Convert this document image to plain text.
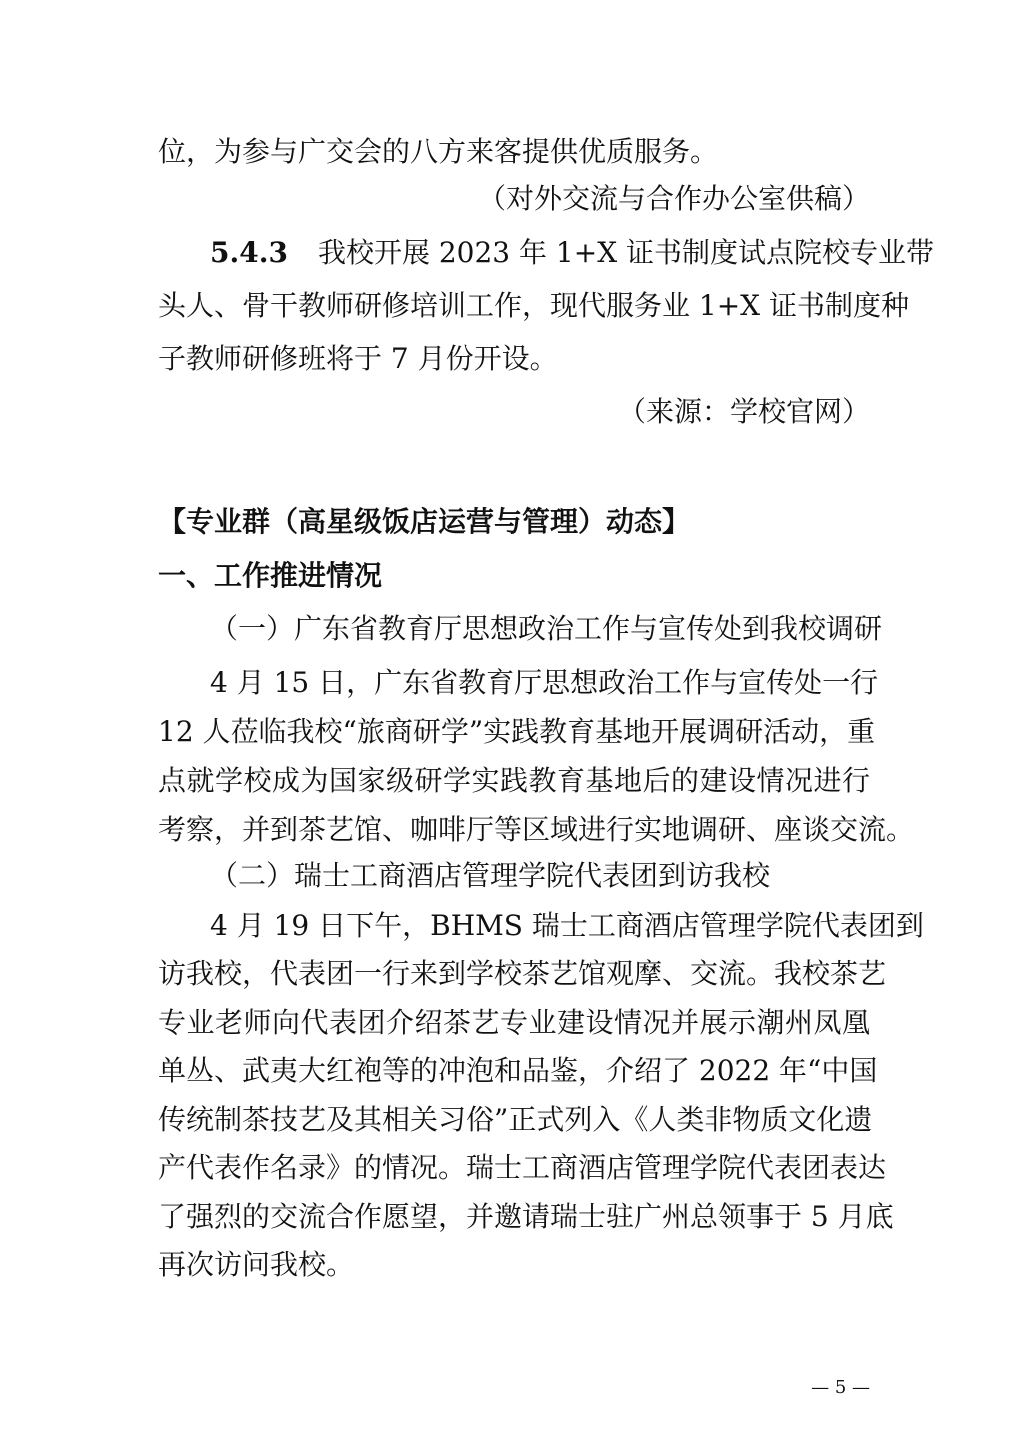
位，为参与广交会的八方来客提供优质服务。
（对外交流与合作办公室供稿）
5.4.3 我校开展 2023 年 1+X 证书制度试点院校专业带
头人、骨干教师研修培训工作，现代服务业 1+X 证书制度种
子教师研修班将于 7 月份开设。
（来源：学校官网）
【专业群（高星级饭店运营与管理）动态】
一、工作推进情况
（一）广东省教育厅思想政治工作与宣传处到我校调研
4 月 15 日，广东省教育厅思想政治工作与宣传处一行
12 人莅临我校“旅商研学”实践教育基地开展调研活动，重
点就学校成为国家级研学实践教育基地后的建设情况进行
考察，并到茶艺馆、咖啡厅等区域进行实地调研、座谈交流。
（二）瑞士工商酒店管理学院代表团到访我校
4 月 19 日下午，BHMS 瑞士工商酒店管理学院代表团到
访我校，代表团一行来到学校茶艺馆观摩、交流。我校茶艺
专业老师向代表团介绍茶艺专业建设情况并展示潮州凤凰
单丛、武夷大红袍等的冲泡和品鉴，介绍了 2022 年“中国
传统制茶技艺及其相关习俗”正式列入《人类非物质文化遗
产代表作名录》的情况。瑞士工商酒店管理学院代表团表达
了强烈的交流合作愿望，并邀请瑞士驻广州总领事于 5 月底
再次访问我校。
— 5 —
